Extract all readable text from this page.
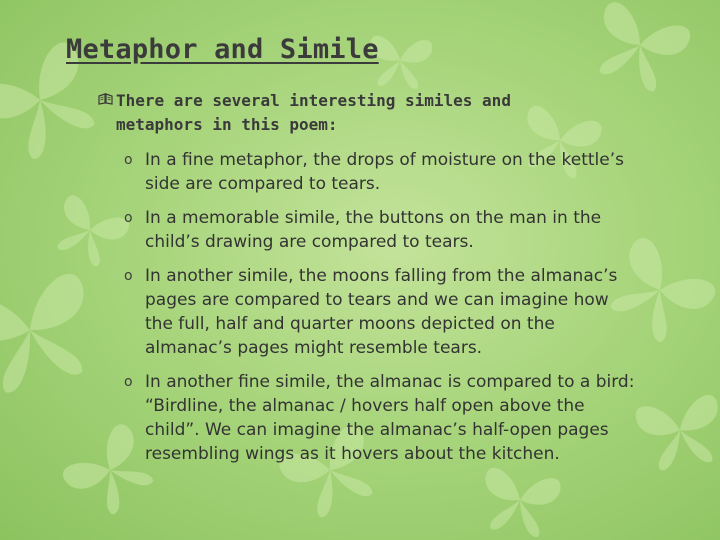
Metaphor and Simile

There are several interesting similes and metaphors in this poem:

o In a fine metaphor, the drops of moisture on the kettle’s side are compared to tears.
o In a memorable simile, the buttons on the man in the child’s drawing are compared to tears.
o In another simile, the moons falling from the almanac’s pages are compared to tears and we can imagine how the full, half and quarter moons depicted on the almanac’s pages might resemble tears.
o In another fine simile, the almanac is compared to a bird: “Birdline, the almanac / hovers half open above the child”. We can imagine the almanac’s half-open pages resembling wings as it hovers about the kitchen.
